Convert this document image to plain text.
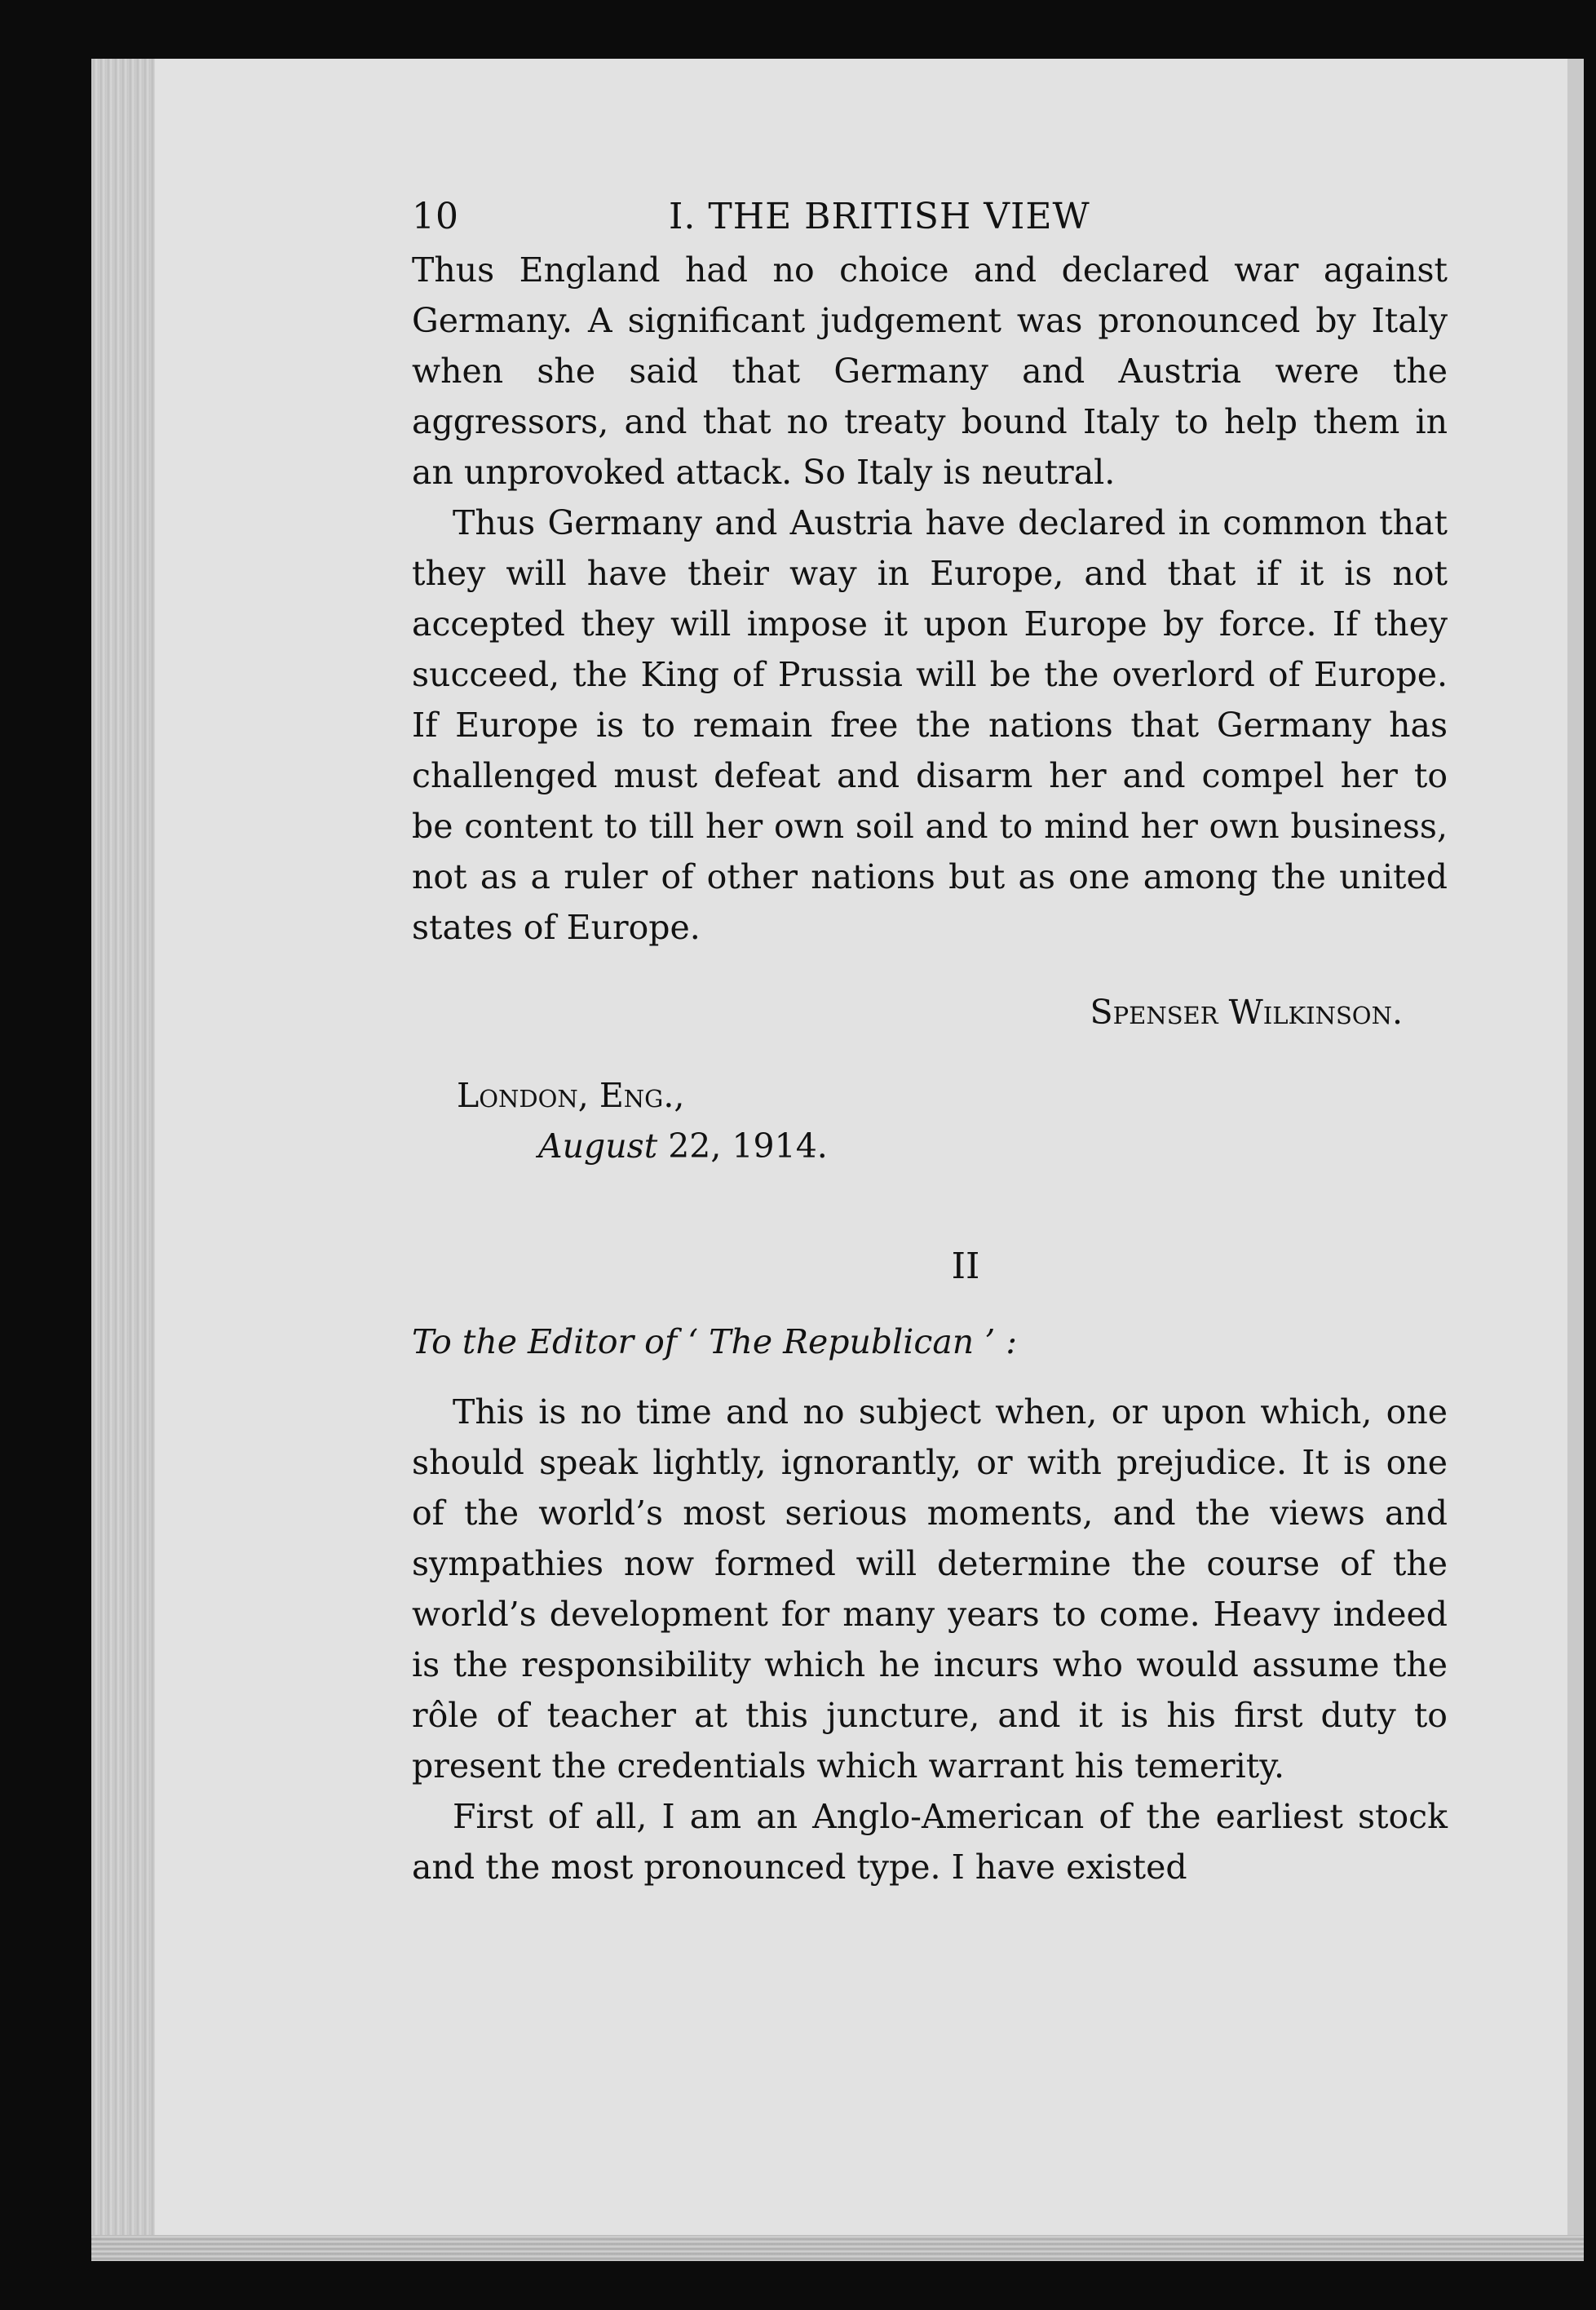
10	I. THE BRITISH VIEW

Thus England had no choice and declared war against Germany. A significant judgement was pronounced by Italy when she said that Germany and Austria were the aggressors, and that no treaty bound Italy to help them in an unprovoked attack. So Italy is neutral.

Thus Germany and Austria have declared in common that they will have their way in Europe, and that if it is not accepted they will impose it upon Europe by force. If they succeed, the King of Prussia will be the overlord of Europe. If Europe is to remain free the nations that Germany has challenged must defeat and disarm her and compel her to be content to till her own soil and to mind her own business, not as a ruler of other nations but as one among the united states of Europe.

Spenser Wilkinson.
London, Eng.,
August 22, 1914.
II
To the Editor of ‘ The Republican ’ :

This is no time and no subject when, or upon which, one should speak lightly, ignorantly, or with prejudice. It is one of the world’s most serious moments, and the views and sympathies now formed will determine the course of the world’s development for many years to come. Heavy indeed is the responsibility which he incurs who would assume the rôle of teacher at this juncture, and it is his first duty to present the credentials which warrant his temerity.

First of all, I am an Anglo-American of the earliest stock and the most pronounced type. I have existed
